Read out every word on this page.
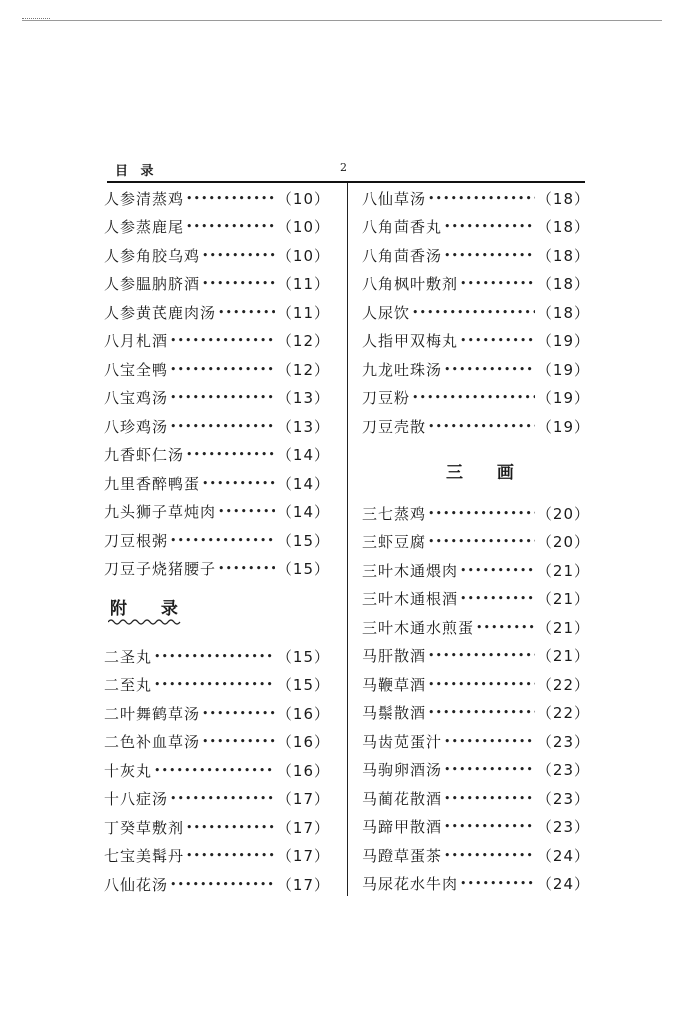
目 录	2
人参清蒸鸡 •••••	（10）
人参蒸鹿尾 •••••	（10）
人参角胶乌鸡 •••••	（10）
人参腽肭脐酒 •••••	（11）
人参黄芪鹿肉汤 •••••	（11）
八月札酒 •••••	（12）
八宝全鸭 •••••	（12）
八宝鸡汤 •••••	（13）
八珍鸡汤 •••••	（13）
九香虾仁汤 •••••	（14）
九里香醉鸭蛋 •••••	（14）
九头狮子草炖肉 •••••	（14）
刀豆根粥 •••••	（15）
刀豆子烧猪腰子 •••••	（15）
附 录
二圣丸 •••••	（15）
二至丸 •••••	（15）
二叶舞鹤草汤 •••••	（16）
二色补血草汤 •••••	（16）
十灰丸 •••••	（16）
十八症汤 •••••	（17）
丁癸草敷剂 •••••	（17）
七宝美髯丹 •••••	（17）
八仙花汤 •••••	（17）
八仙草汤 •••••	（18）
八角茴香丸 •••••	（18）
八角茴香汤 •••••	（18）
八角枫叶敷剂 •••••	（18）
人尿饮 •••••	（18）
人指甲双梅丸 •••••	（19）
九龙吐珠汤 •••••	（19）
刀豆粉 •••••	（19）
刀豆壳散 •••••	（19）
三 画
三七蒸鸡 •••••	（20）
三虾豆腐 •••••	（20）
三叶木通煨肉 •••••	（21）
三叶木通根酒 •••••	（21）
三叶木通水煎蛋 •••••	（21）
马肝散酒 •••••	（21）
马鞭草酒 •••••	（22）
马鬃散酒 •••••	（22）
马齿苋蛋汁 •••••	（23）
马驹卵酒汤 •••••	（23）
马蔺花散酒 •••••	（23）
马蹄甲散酒 •••••	（23）
马蹬草蛋茶 •••••	（24）
马尿花水牛肉 •••••	（24）
